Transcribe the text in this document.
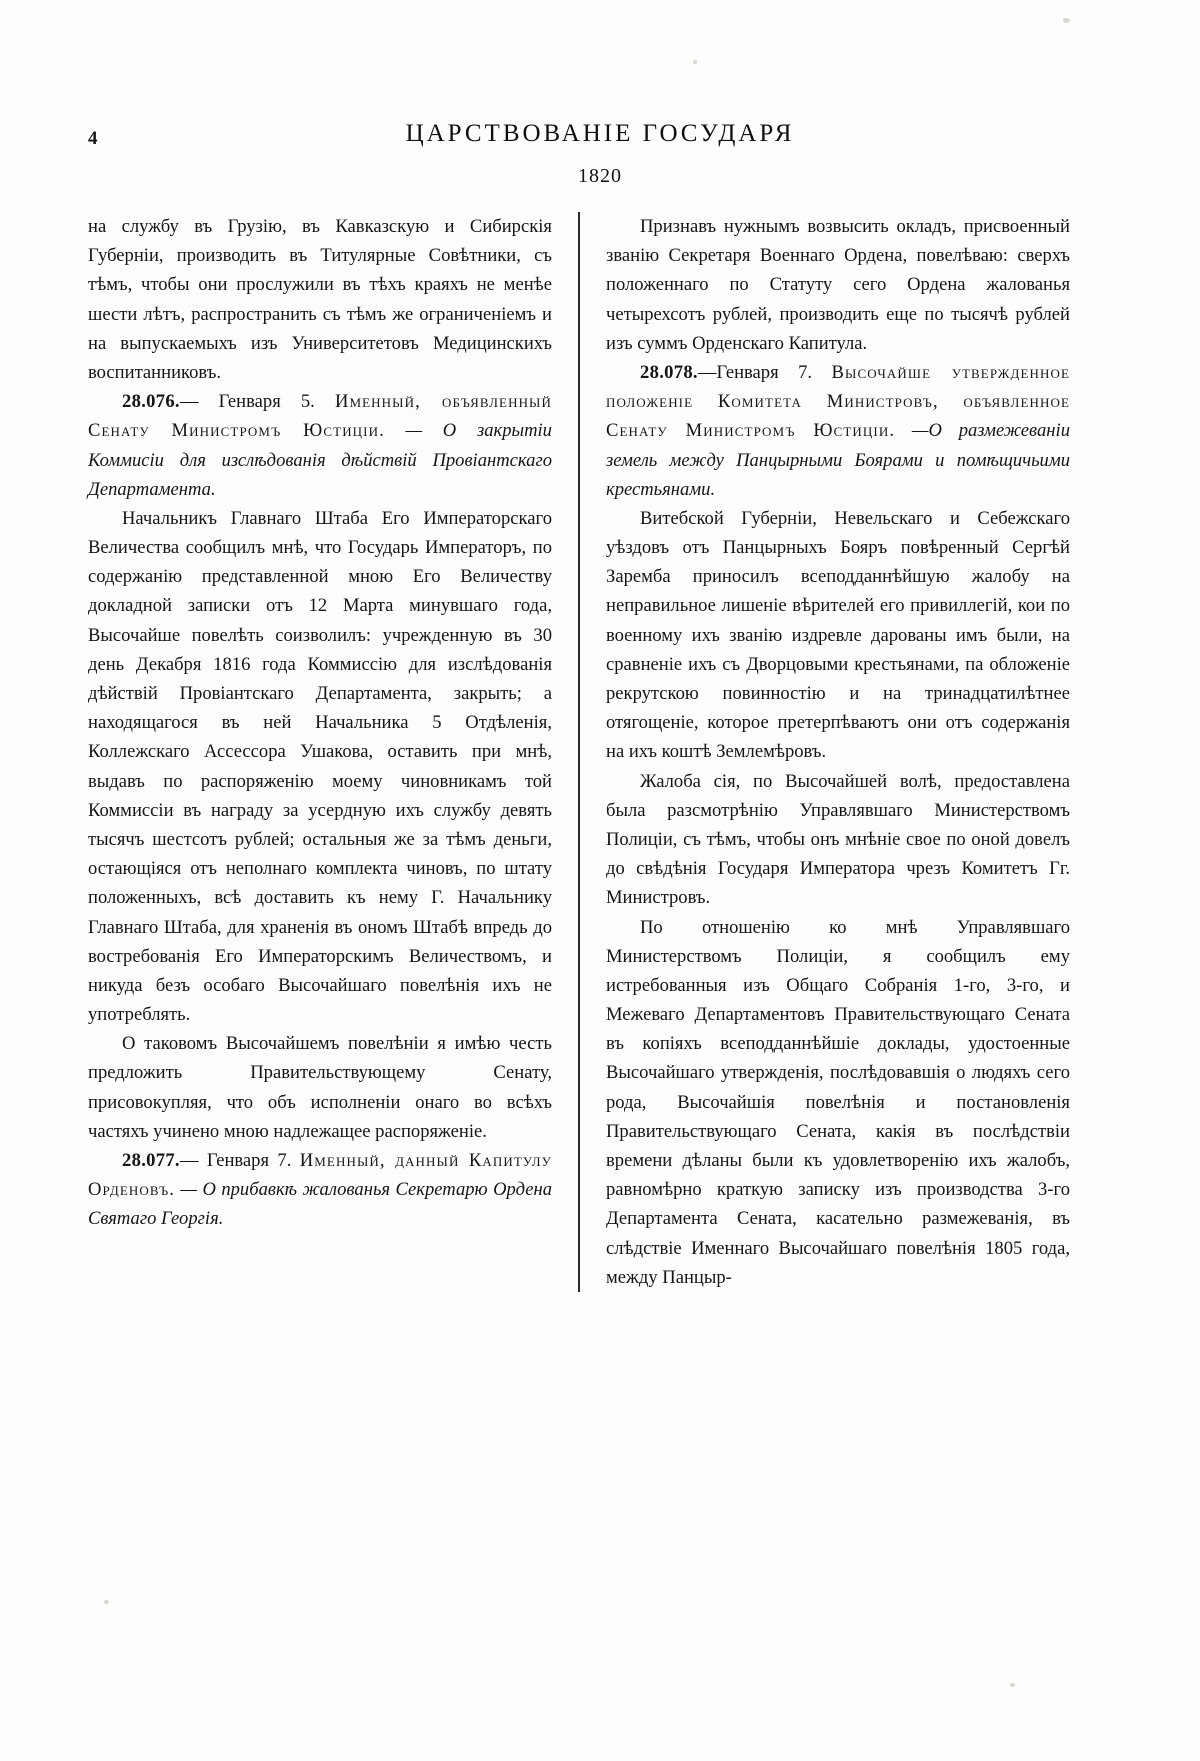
4	ЦАРСТВОВАНIЕ ГОСУДАРЯ
1820

на службу въ Грузію, въ Кавказскую и Сибирскія Губерніи, производить въ Титулярные Совѣтники, съ тѣмъ, чтобы они прослужили въ тѣхъ краяхъ не менѣе шести лѣтъ, распространить съ тѣмъ же ограниченіемъ и на выпускаемыхъ изъ Университетовъ Медицинскихъ воспитанниковъ.

28.076.— Генваря 5. Именный, объявленный Сенату Министромъ Юстиціи. — О закрытіи Коммисіи для изслѣдованія дѣйствій Провіантскаго Департамента.

Начальникъ Главнаго Штаба Его Императорскаго Величества сообщилъ мнѣ, что Государь Императоръ, по содержанію представленной мною Его Величеству докладной записки отъ 12 Марта минувшаго года, Высочайше повелѣть соизволилъ: учрежденную въ 30 день Декабря 1816 года Коммиссію для изслѣдованія дѣйствій Провіантскаго Департамента, закрыть; а находящагося въ ней Начальника 5 Отдѣленія, Коллежскаго Ассессора Ушакова, оставить при мнѣ, выдавъ по распоряженію моему чиновникамъ той Коммиссіи въ награду за усердную ихъ службу девять тысячъ шестсотъ рублей; остальныя же за тѣмъ деньги, остающіяся отъ неполнаго комплекта чиновъ, по штату положенныхъ, всѣ доставить къ нему Г. Начальнику Главнаго Штаба, для храненія въ ономъ Штабѣ впредь до востребованія Его Императорскимъ Величествомъ, и никуда безъ особаго Высочайшаго повелѣнія ихъ не употреблять.

О таковомъ Высочайшемъ повелѣніи я имѣю честь предложить Правительствующему Сенату, присовокупляя, что объ исполненіи онаго во всѣхъ частяхъ учинено мною надлежащее распоряженіе.

28.077.— Генваря 7. Именный, данный Капитулу Орденовъ. — О прибавкѣ жалованья Секретарю Ордена Святаго Георгія.

Признавъ нужнымъ возвысить окладъ, присвоенный званію Секретаря Военнаго Ордена, повелѣваю: сверхъ положеннаго по Статуту сего Ордена жалованья четырехсотъ рублей, производить еще по тысячѣ рублей изъ суммъ Орденскаго Капитула.

28.078.—Генваря 7. Высочайше утвержденное положеніе Комитета Министровъ, объявленное Сенату Министромъ Юстиціи. —О размежеваніи земель между Панцырными Боярами и помѣщичьими крестьянами.

Витебской Губерніи, Невельскаго и Себежскаго уѣздовъ отъ Панцырныхъ Бояръ повѣренный Сергѣй Заремба приносилъ всеподданнѣйшую жалобу на неправильное лишеніе вѣрителей его привиллегій, кои по военному ихъ званію издревле дарованы имъ были, на сравненіе ихъ съ Дворцовыми крестьянами, па обложеніе рекрутскою повинностію и на тринадцатилѣтнее отягощеніе, которое претерпѣваютъ они отъ содержанія на ихъ коштѣ Землемѣровъ.

Жалоба сія, по Высочайшей волѣ, предоставлена была разсмотрѣнію Управлявшаго Министерствомъ Полиціи, съ тѣмъ, чтобы онъ мнѣніе свое по оной довелъ до свѣдѣнія Государя Императора чрезъ Комитетъ Гг. Министровъ.

По отношенію ко мнѣ Управлявшаго Министерствомъ Полиціи, я сообщилъ ему истребованныя изъ Общаго Собранія 1-го, 3-го, и Межеваго Департаментовъ Правительствующаго Сената въ копіяхъ всеподданнѣйшіе доклады, удостоенные Высочайшаго утвержденія, послѣдовавшія о людяхъ сего рода, Высочайшія повелѣнія и постановленія Правительствующаго Сената, какія въ послѣдствіи времени дѣланы были къ удовлетворенію ихъ жалобъ, равномѣрно краткую записку изъ производства 3-го Департамента Сената, касательно размежеванія, въ слѣдствіе Именнаго Высочайшаго повелѣнія 1805 года, между Панцыр-
